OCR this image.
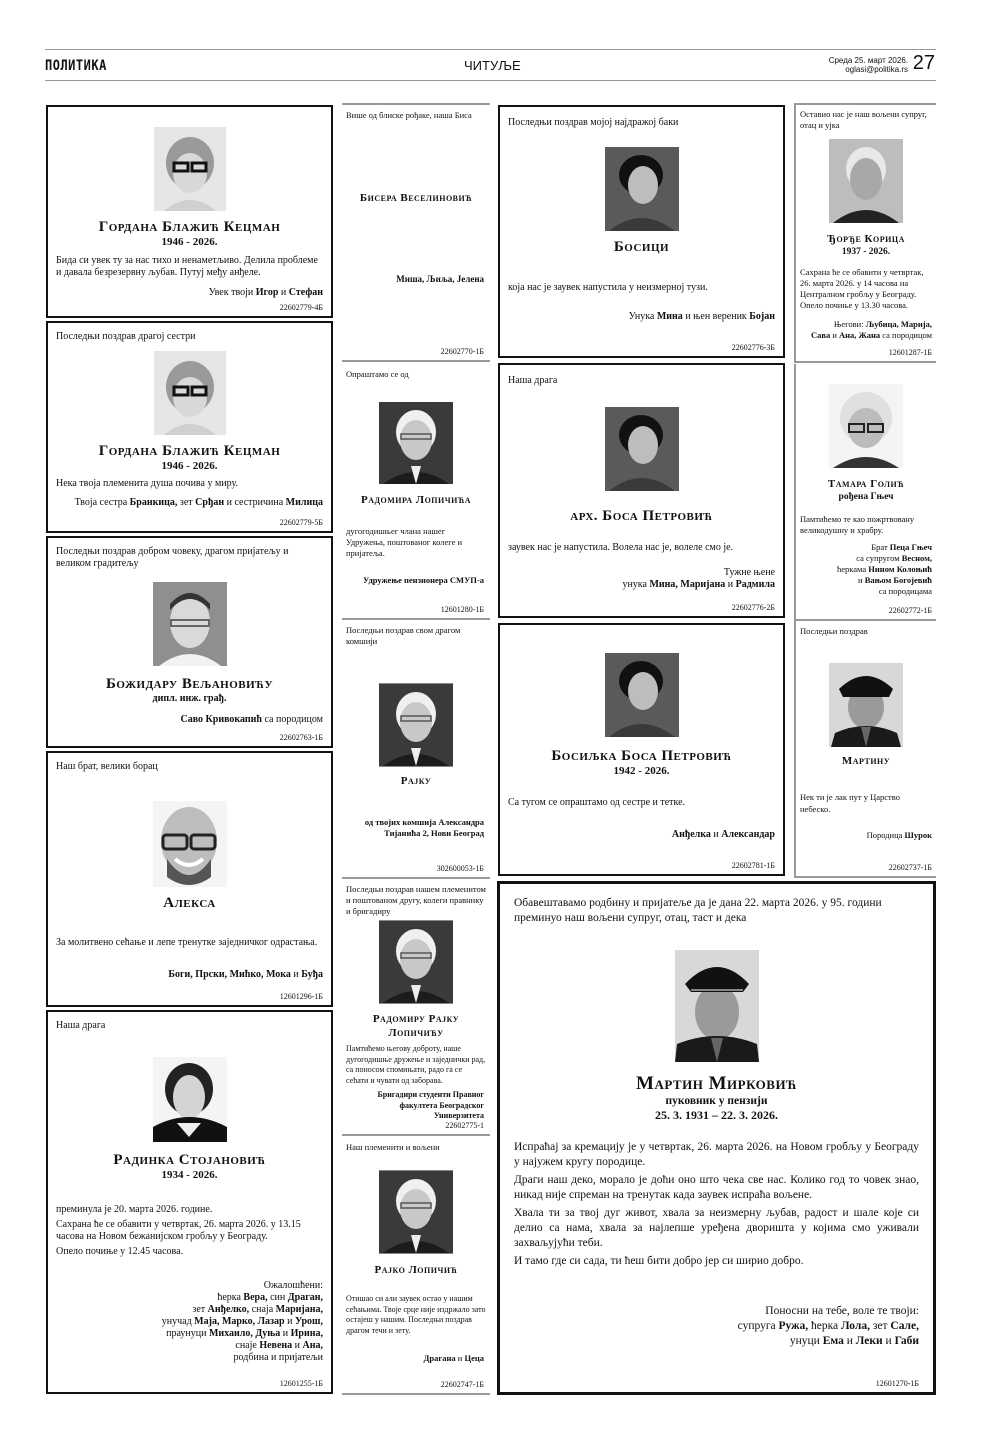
ПОЛИТИКА	ЧИТУЉЕ	Среда 25. март 2026.
oglasi@politika.rs 27
Гордана Блажић Кецман
1946 - 2026.
Бида си увек ту за нас тихо и ненаметљиво. Делила проблеме и давала безрезервну љубав. Путуј међу анђеле.
Увек твоји Игор и Стефан
22602779-4Б
Последњи поздрав драгој сестри
Гордана Блажић Кецман
1946 - 2026.
Нека твоја племенита душа почива у миру.
Твоја сестра Бранкица, зет Срђан и сестричина Милица
22602779-5Б
Последњи поздрав добром човеку, драгом пријатељу и великом градитељу
Божидару Вељановићу
дипл. инж. грађ.
Саво Кривокапић са породицом
22602763-1Б
Наш брат, велики борац
Алекса
За молитвено сећање и лепе тренутке заједничког одрастања.
Боги, Прски, Мићко, Мока и Буђа
12601296-1Б
Наша драга
Радинка Стојановић
1934 - 2026.

преминула је 20. марта 2026. године.

Сахрана ће се обавити у четвртак, 26. марта 2026. у 13.15 часова на Новом бежанијском гробљу у Београду.

Опело почиње у 12.45 часова.

Ожалошћени:
ћерка Вера, син Драган,
зет Анђелко, снаја Маријана,
унучад Маја, Марко, Лазар и Урош,
праунуци Михаило, Дуња и Ирина,
снаје Невена и Ана,
родбина и пријатељи
12601255-1Б
Више од блиске рођаке, наша Биса
Бисера Веселиновић
Миша, Љиља, Јелена
22602770-1Б
Опраштамо се од
Радомира Лопичића
дугогодишњег члана нашег Удружења, поштованог колеге и пријатеља.
Удружење пензионера СМУП-а
12601280-1Б
Последњи поздрав свом драгом комшији
Рајку
од твојих комшија Александра Тијанића 2, Нови Београд
302600053-1Б
Последњи поздрав нашем племенитом и поштованом другу, колеги правнику и бригадиру
Радомиру Рајку Лопичићу
Памтићемо његову доброту, наше дугогодишње дружење и заједнички рад, са поносом спомињати, радо га се сећати и чувати од заборава.
Бригадири студенти Правног факултета Београдског Универзитета
22602775-1
Наш племенити и вољени
Рајко Лопичић
Отишао си али заувек остао у нашим сећањима. Твоје срце није издржало зато остајеш у нашим. Последњи поздрав драгом течи и зету.
Драгана и Цеца
22602747-1Б
Последњи поздрав мојој најдражој баки
Босици
која нас је заувек напустила у неизмерној тузи.
Унука Мина и њен вереник Бојан
22602776-3Б
Наша драга
арх. Боса Петровић
заувек нас је напустила. Волела нас је, волеле смо је.
Тужне њене
унука Мина, Маријана и Радмила
22602776-2Б
Босиљка Боса Петровић
1942 - 2026.
Са тугом се опраштамо од сестре и тетке.
Анђелка и Александар
22602781-1Б
Оставио нас је наш вољени супруг, отац и ујка
Ђорђе Корица
1937 - 2026.
Сахрана ће се обавити у четвртак, 26. марта 2026. у 14 часова на Централном гробљу у Београду. Опело почиње у 13.30 часова.
Његови: Љубица, Марија,
Сава и Ана, Жана са породицом
12601287-1Б
Тамара Голић
рођена Гњеч
Памтићемо те као пожртвовану великодушну и храбру.
Брат Пеца Гњеч
са супругом Весном,
ћеркама Нином Колоњић
и Вањом Богојевић
са породицама
22602772-1Б
Последњи поздрав
Мартину
Нек ти је лак пут у Царство небеско.
Породица Шурок
22602737-1Б
Обавештавамо родбину и пријатеље да је дана 22. марта 2026. у 95. години преминуо наш вољени супруг, отац, таст и дека
Мартин Мирковић
пуковник у пензији
25. 3. 1931 – 22. 3. 2026.

Испраћај за кремацију је у четвртак, 26. марта 2026. на Новом гробљу у Београду у најужем кругу породице.

Драги наш деко, морало је доћи оно што чека све нас. Колико год то човек знао, никад није спреман на тренутак када заувек испраћа вољене.

Хвала ти за твој дуг живот, хвала за неизмерну љубав, радост и шале које си делио са нама, хвала за најлепше уређена дворишта у којима смо уживали захваљујући теби.

И тамо где си сада, ти ћеш бити добро јер си ширио добро.

Поносни на тебе, воле те твоји:
супруга Ружа, ћерка Лола, зет Сале,
унуци Ема и Леки и Габи
12601270-1Б
